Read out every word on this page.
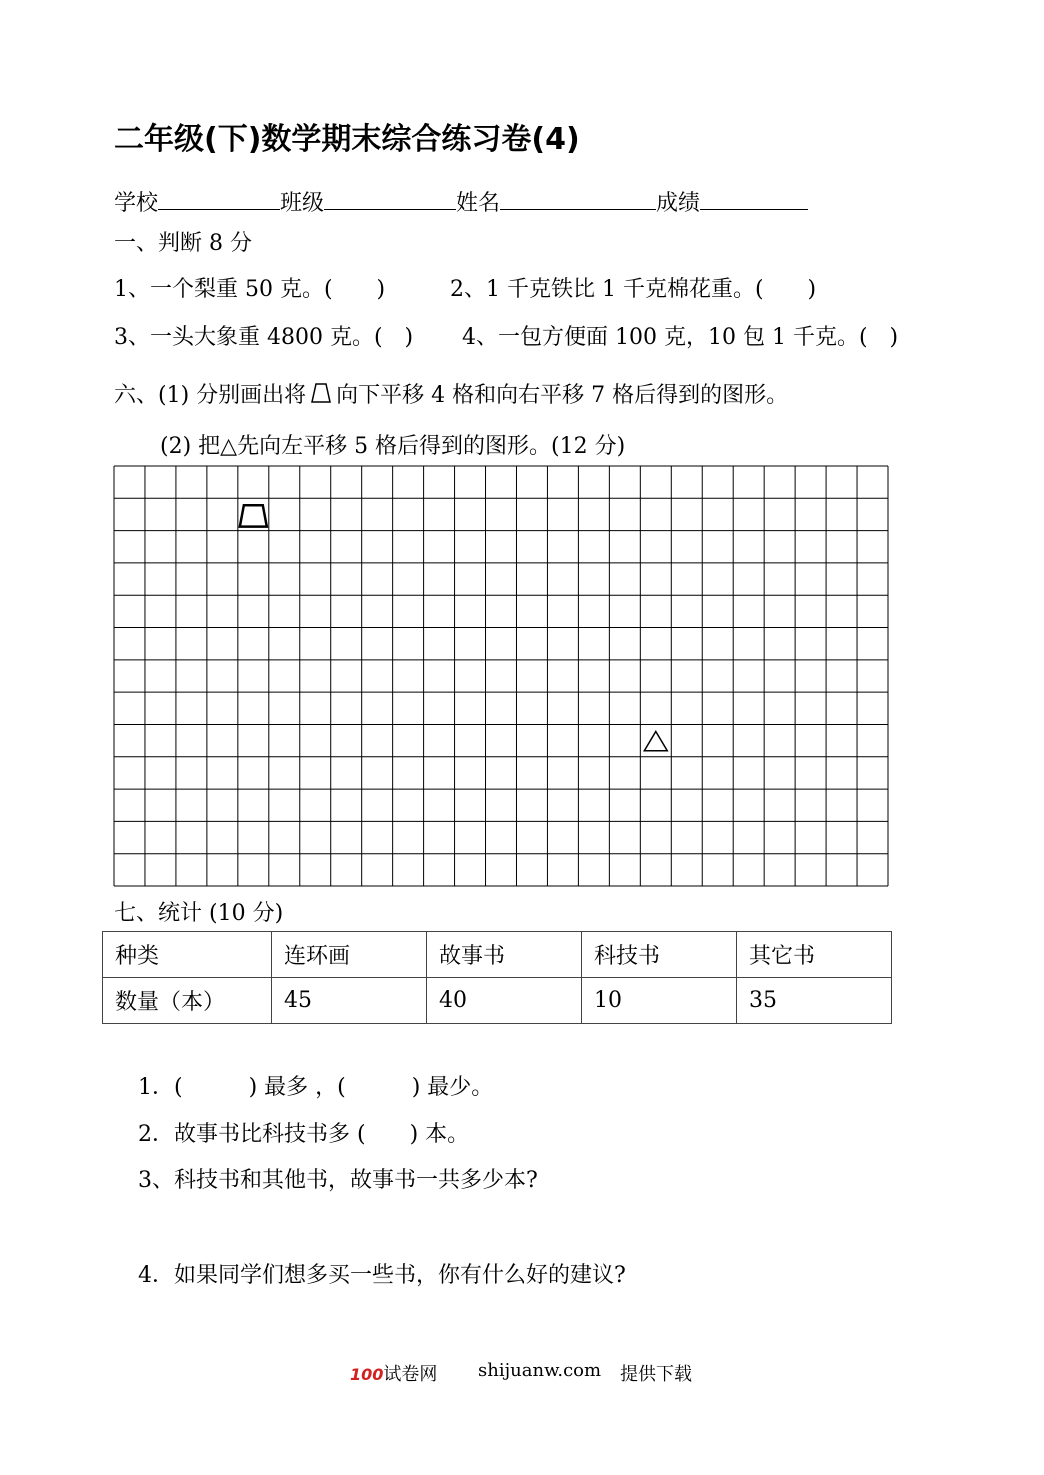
二年级(下)数学期末综合练习卷(4)
学校	班级	姓名	成绩
一、判断 8 分
1、一个梨重 50 克。(　　)	2、1 千克铁比 1 千克棉花重。(　　)
3、一头大象重 4800 克。(　) 4、一包方便面 100 克，10 包 1 千克。(　)
六、(1) 分别画出将 向下平移 4 格和向右平移 7 格后得到的图形。
(2) 把△先向左平移 5 格后得到的图形。(12 分)
七、统计 (10 分)
种类	连环画	故事书	科技书	其它书
数量（本）	45	40	10	35
1．(　　　) 最多 ，(　　　) 最少。
2．故事书比科技书多 (　　) 本。
3、科技书和其他书，故事书一共多少本?
4．如果同学们想多买一些书，你有什么好的建议?
100试卷网 shijuanw.com 提供下载
